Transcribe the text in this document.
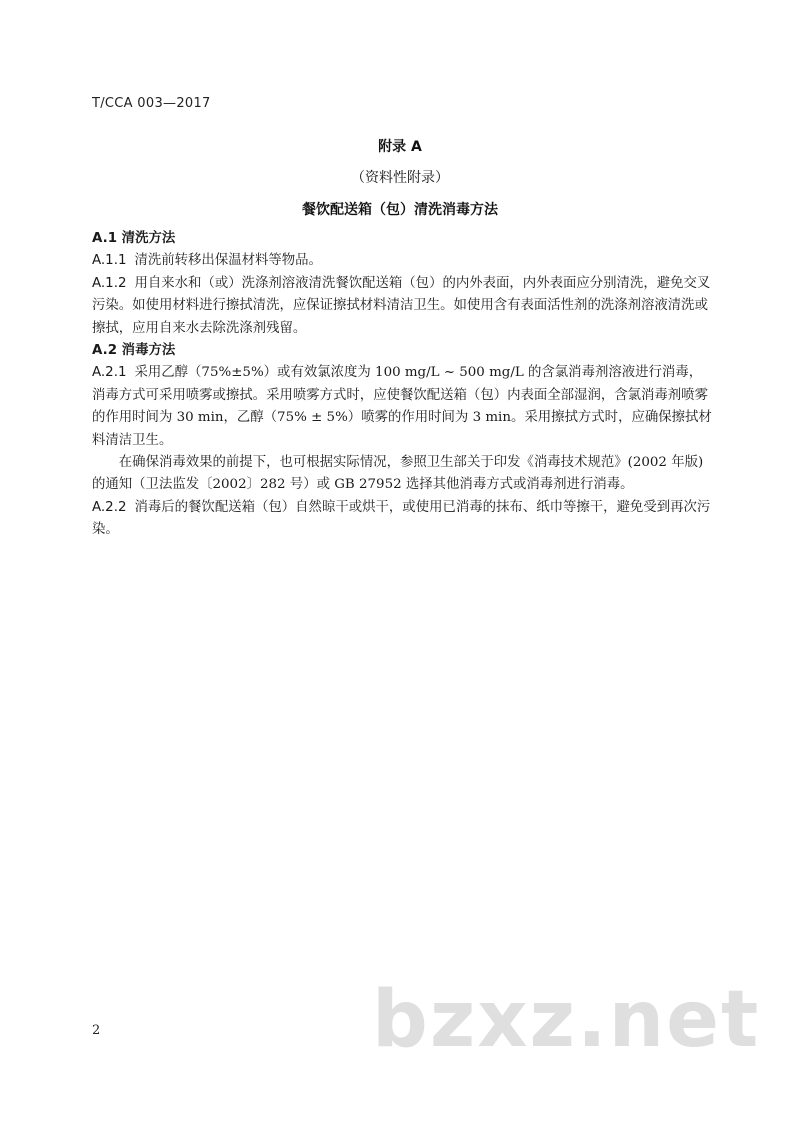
T/CCA 003—2017
附录 A
（资料性附录）
餐饮配送箱（包）清洗消毒方法

A.1 清洗方法

A.1.1 清洗前转移出保温材料等物品。

A.1.2 用自来水和（或）洗涤剂溶液清洗餐饮配送箱（包）的内外表面，内外表面应分别清洗，避免交叉污染。如使用材料进行擦拭清洗，应保证擦拭材料清洁卫生。如使用含有表面活性剂的洗涤剂溶液清洗或擦拭，应用自来水去除洗涤剂残留。

A.2 消毒方法

A.2.1 采用乙醇（75%±5%）或有效氯浓度为 100 mg/L ~ 500 mg/L 的含氯消毒剂溶液进行消毒，消毒方式可采用喷雾或擦拭。采用喷雾方式时，应使餐饮配送箱（包）内表面全部湿润，含氯消毒剂喷雾的作用时间为 30 min，乙醇（75% ± 5%）喷雾的作用时间为 3 min。采用擦拭方式时，应确保擦拭材料清洁卫生。

在确保消毒效果的前提下，也可根据实际情况，参照卫生部关于印发《消毒技术规范》(2002 年版) 的通知（卫法监发〔2002〕282 号）或 GB 27952 选择其他消毒方式或消毒剂进行消毒。

A.2.2 消毒后的餐饮配送箱（包）自然晾干或烘干，或使用已消毒的抹布、纸巾等擦干，避免受到再次污染。

2	bzxz.net
